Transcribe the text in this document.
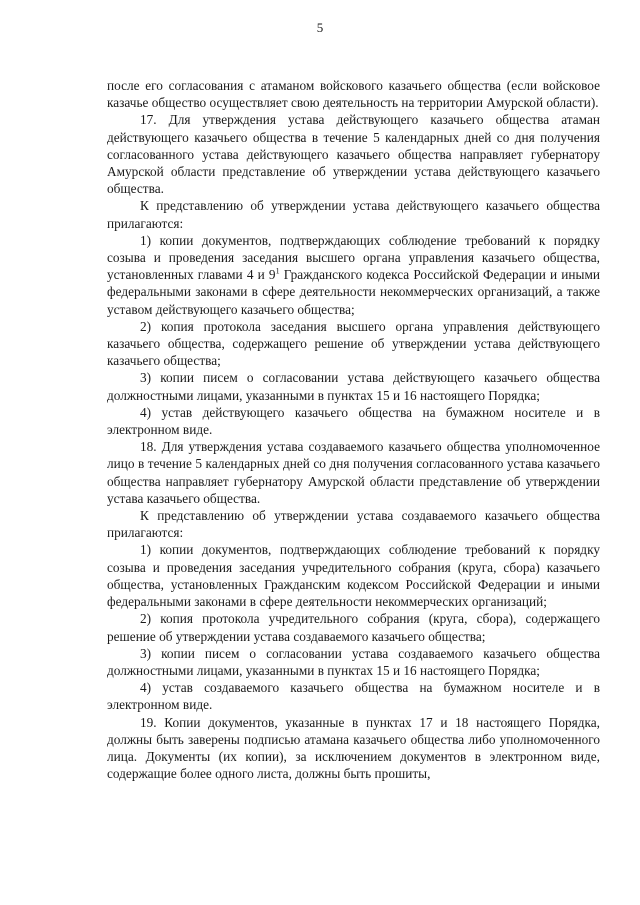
5

после его согласования с атаманом войскового казачьего общества (если войсковое казачье общество осуществляет свою деятельность на территории Амурской области).

17. Для утверждения устава действующего казачьего общества атаман действующего казачьего общества в течение 5 календарных дней со дня получения согласованного устава действующего казачьего общества направляет губернатору Амурской области представление об утверждении устава действующего казачьего общества.

К представлению об утверждении устава действующего казачьего общества прилагаются:

1) копии документов, подтверждающих соблюдение требований к порядку созыва и проведения заседания высшего органа управления казачьего общества, установленных главами 4 и $9^1$ Гражданского кодекса Российской Федерации и иными федеральными законами в сфере деятельности некоммерческих организаций, а также уставом действующего казачьего общества;

2) копия протокола заседания высшего органа управления действующего казачьего общества, содержащего решение об утверждении устава действующего казачьего общества;

3) копии писем о согласовании устава действующего казачьего общества должностными лицами, указанными в пунктах 15 и 16 настоящего Порядка;

4) устав действующего казачьего общества на бумажном носителе и в электронном виде.

18. Для утверждения устава создаваемого казачьего общества уполномоченное лицо в течение 5 календарных дней со дня получения согласованного устава казачьего общества направляет губернатору Амурской области представление об утверждении устава казачьего общества.

К представлению об утверждении устава создаваемого казачьего общества прилагаются:

1) копии документов, подтверждающих соблюдение требований к порядку созыва и проведения заседания учредительного собрания (круга, сбора) казачьего общества, установленных Гражданским кодексом Российской Федерации и иными федеральными законами в сфере деятельности некоммерческих организаций;

2) копия протокола учредительного собрания (круга, сбора), содержащего решение об утверждении устава создаваемого казачьего общества;

3) копии писем о согласовании устава создаваемого казачьего общества должностными лицами, указанными в пунктах 15 и 16 настоящего Порядка;

4) устав создаваемого казачьего общества на бумажном носителе и в электронном виде.

19. Копии документов, указанные в пунктах 17 и 18 настоящего Порядка, должны быть заверены подписью атамана казачьего общества либо уполномоченного лица. Документы (их копии), за исключением документов в электронном виде, содержащие более одного листа, должны быть прошиты,
